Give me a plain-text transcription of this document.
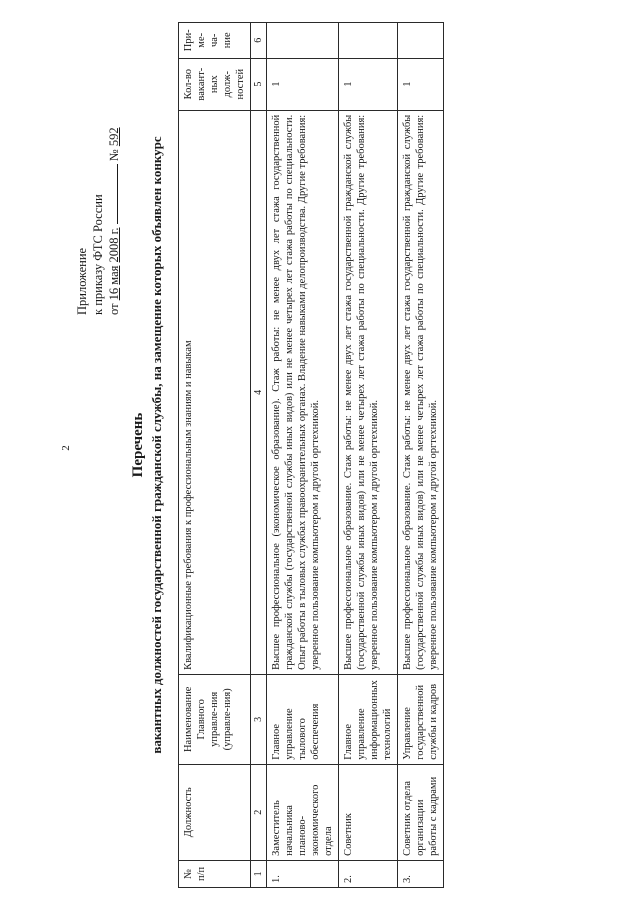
2
Приложение к приказу ФТС России от 16 мая 2008 г.  № 592
Перечень вакантных должностей государственной гражданской службы, на замещение которых объявлен конкурс
№ п/п	Должность	Наименование Главного управле-ния (управле-ния)	Квалификационные требования к профессиональным знаниям и навыкам	Кол-во вакант-ных долж-ностей	При-ме-ча-ние
1	2	3	4	5	6
1.	Заместитель начальника планово-экономического отдела	Главное управление тылового обеспечения	Высшее профессиональное (экономическое образование). Стаж работы: не менее двух лет стажа государственной гражданской службы (государственной службы иных видов) или не менее четырех лет стажа работы по специальности. Опыт работы в тыловых службах правоохранительных органах. Владение навыками делопроизводства. Другие требования: уверенное пользование компьютером и другой оргтехникой.	1	
2.	Советник	Главное управление информационных технологий	Высшее профессиональное образование. Стаж работы: не менее двух лет стажа государственной гражданской службы (государственной службы иных видов) или не менее четырех лет стажа работы по специальности. Другие требования: уверенное пользование компьютером и другой оргтехникой.	1	
3.	Советник отдела организации работы с кадрами	Управление государственной службы и кадров	Высшее профессиональное образование. Стаж работы: не менее двух лет стажа государственной гражданской службы (государственной службы иных видов) или не менее четырех лет стажа работы по специальности. Другие требования: уверенное пользование компьютером и другой оргтехникой.	1	
